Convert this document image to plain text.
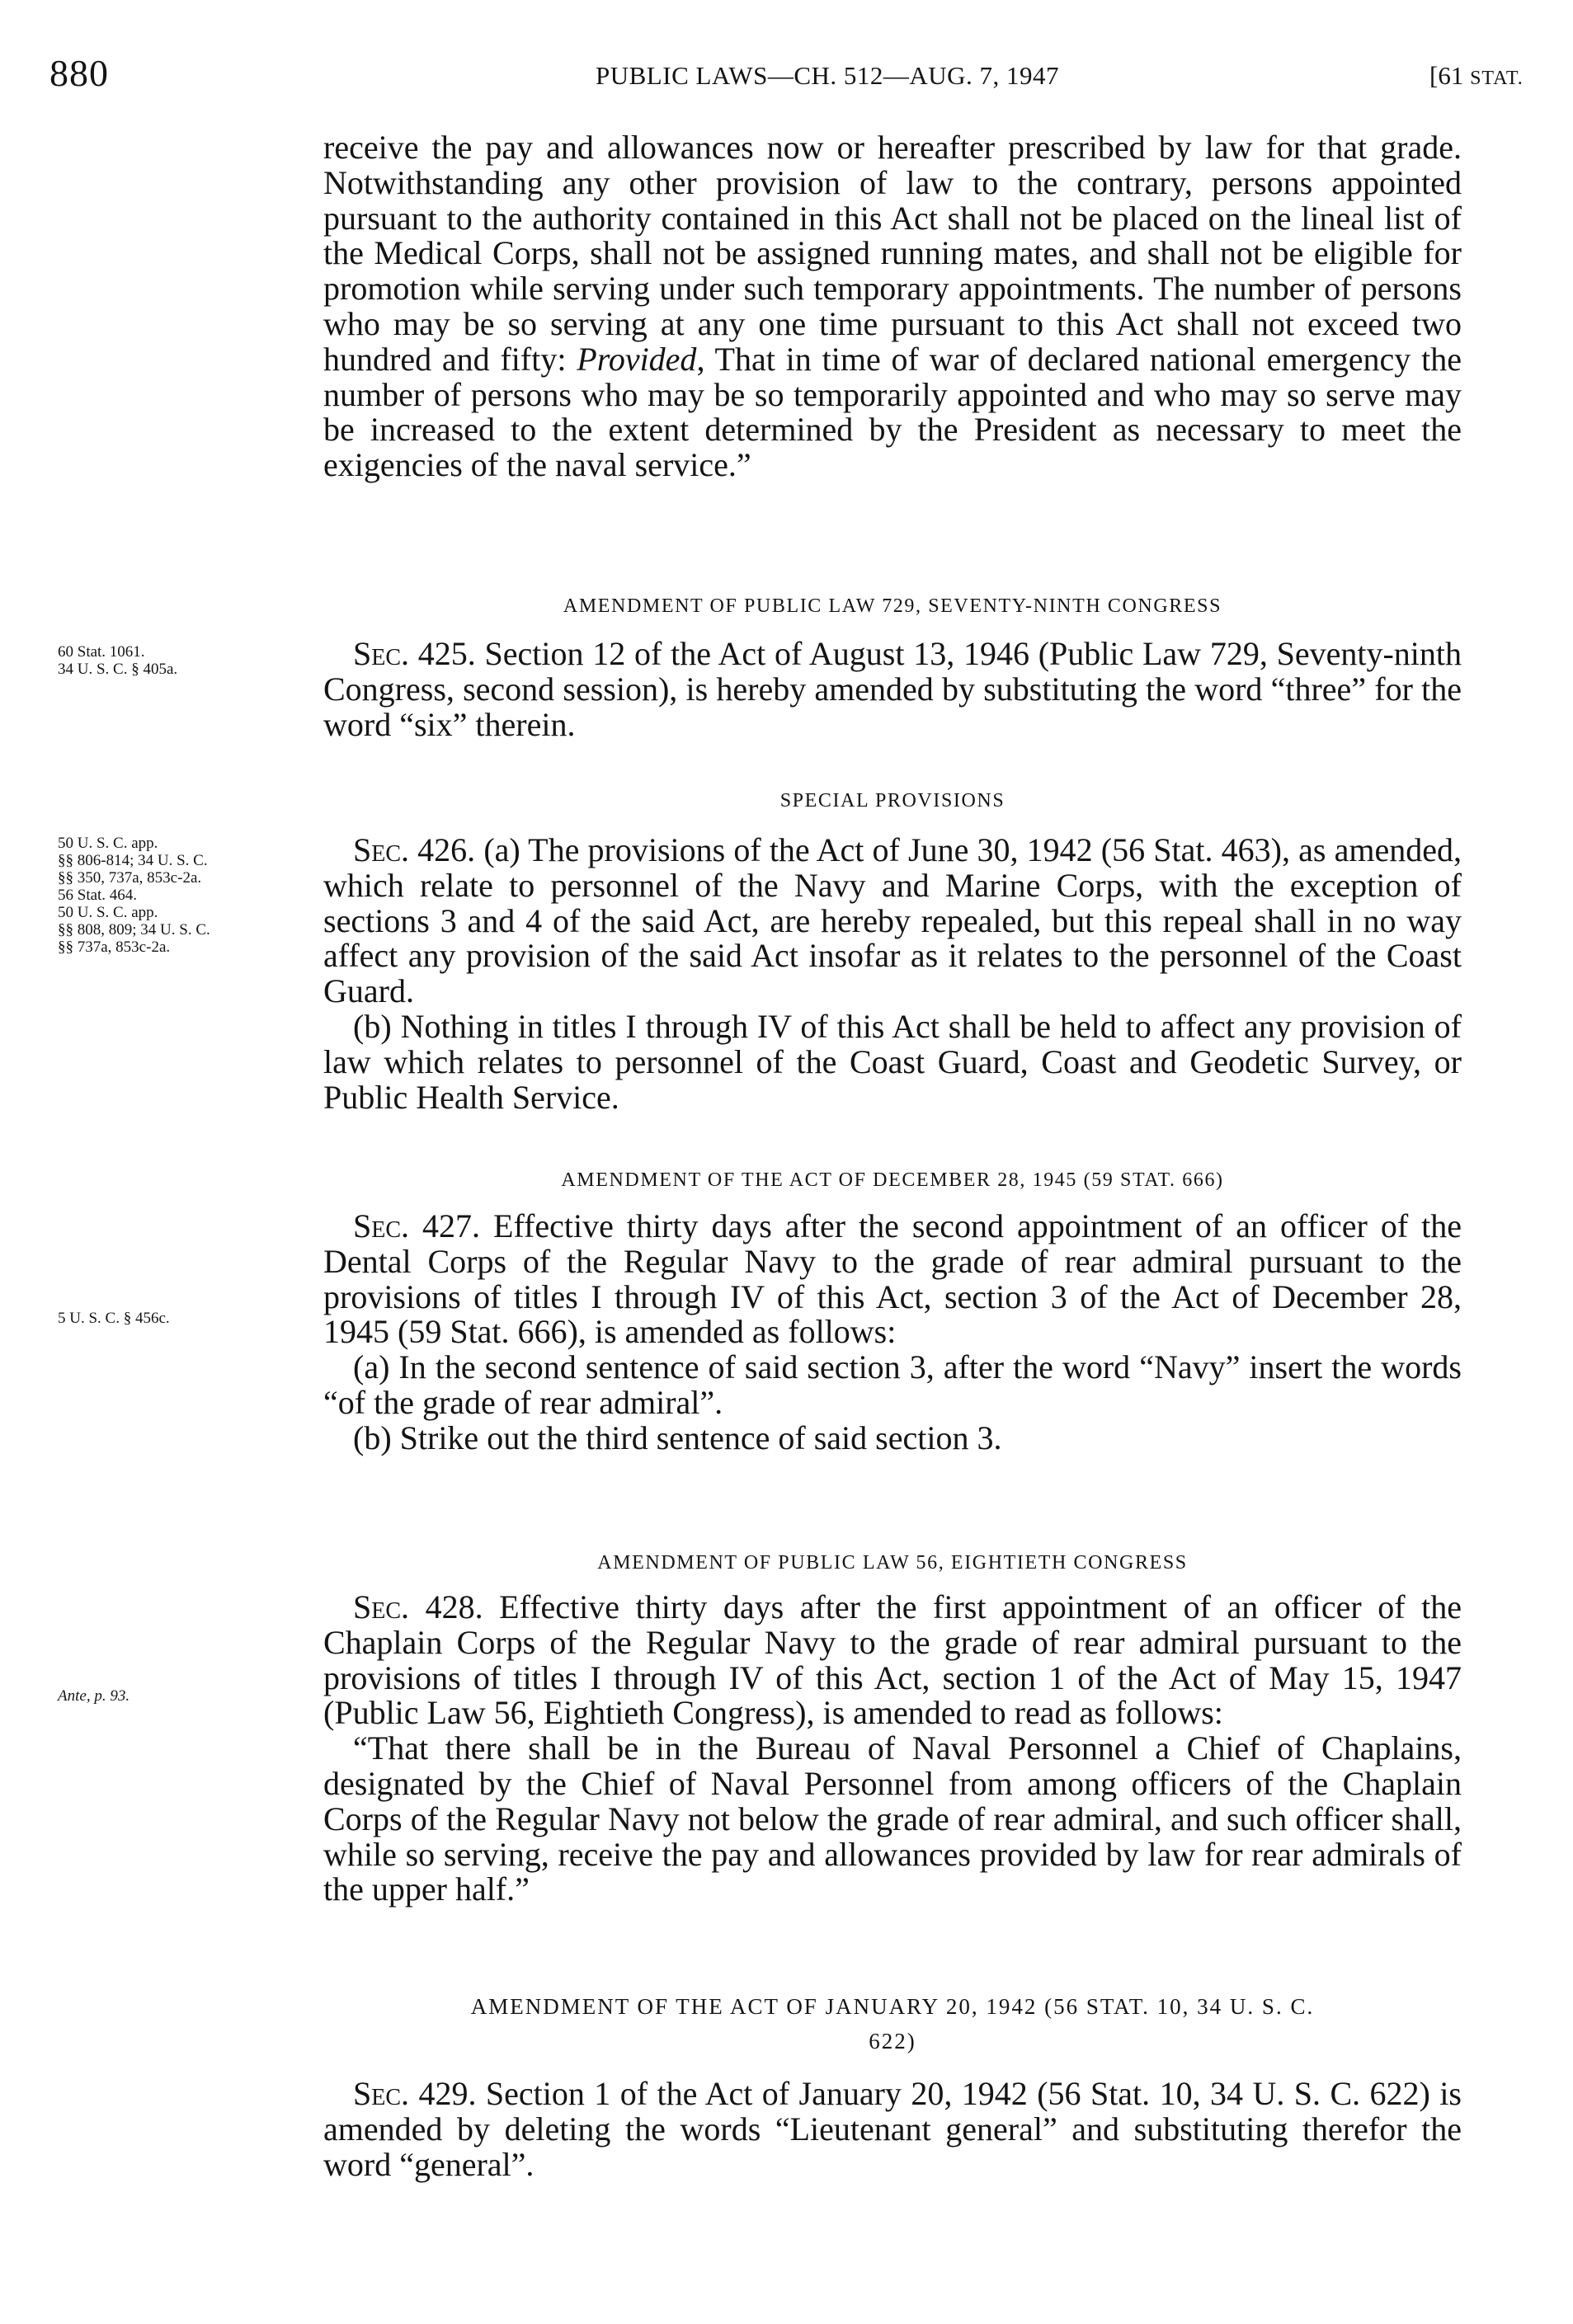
880	PUBLIC LAWS—CH. 512—AUG. 7, 1947	[61 STAT.

receive the pay and allowances now or hereafter prescribed by law for that grade. Notwithstanding any other provision of law to the contrary, persons appointed pursuant to the authority contained in this Act shall not be placed on the lineal list of the Medical Corps, shall not be assigned running mates, and shall not be eligible for promotion while serving under such temporary appointments. The number of persons who may be so serving at any one time pursuant to this Act shall not exceed two hundred and fifty: Provided, That in time of war of declared national emergency the number of persons who may be so temporarily appointed and who may so serve may be increased to the extent determined by the President as necessary to meet the exigencies of the naval service.”

AMENDMENT OF PUBLIC LAW 729, SEVENTY-NINTH CONGRESS
60 Stat. 1061.
34 U. S. C. § 405a.	Sec. 425. Section 12 of the Act of August 13, 1946 (Public Law 729, Seventy-ninth Congress, second session), is hereby amended by substituting the word “three” for the word “six” therein.

SPECIAL PROVISIONS
50 U. S. C. app.
§§ 806-814; 34 U. S. C.
§§ 350, 737a, 853c-2a.
56 Stat. 464.
50 U. S. C. app.
§§ 808, 809; 34 U. S. C.
§§ 737a, 853c-2a.

Sec. 426. (a) The provisions of the Act of June 30, 1942 (56 Stat. 463), as amended, which relate to personnel of the Navy and Marine Corps, with the exception of sections 3 and 4 of the said Act, are hereby repealed, but this repeal shall in no way affect any provision of the said Act insofar as it relates to the personnel of the Coast Guard.

(b) Nothing in titles I through IV of this Act shall be held to affect any provision of law which relates to personnel of the Coast Guard, Coast and Geodetic Survey, or Public Health Service.

AMENDMENT OF THE ACT OF DECEMBER 28, 1945 (59 STAT. 666)
5 U. S. C. § 456c.

Sec. 427. Effective thirty days after the second appointment of an officer of the Dental Corps of the Regular Navy to the grade of rear admiral pursuant to the provisions of titles I through IV of this Act, section 3 of the Act of December 28, 1945 (59 Stat. 666), is amended as follows:

(a) In the second sentence of said section 3, after the word “Navy” insert the words “of the grade of rear admiral”.

(b) Strike out the third sentence of said section 3.

AMENDMENT OF PUBLIC LAW 56, EIGHTIETH CONGRESS
Ante, p. 93.

Sec. 428. Effective thirty days after the first appointment of an officer of the Chaplain Corps of the Regular Navy to the grade of rear admiral pursuant to the provisions of titles I through IV of this Act, section 1 of the Act of May 15, 1947 (Public Law 56, Eightieth Congress), is amended to read as follows:

“That there shall be in the Bureau of Naval Personnel a Chief of Chaplains, designated by the Chief of Naval Personnel from among officers of the Chaplain Corps of the Regular Navy not below the grade of rear admiral, and such officer shall, while so serving, receive the pay and allowances provided by law for rear admirals of the upper half.”

AMENDMENT OF THE ACT OF JANUARY 20, 1942 (56 STAT. 10, 34 U. S. C.
622)

Sec. 429. Section 1 of the Act of January 20, 1942 (56 Stat. 10, 34 U. S. C. 622) is amended by deleting the words “Lieutenant general” and substituting therefor the word “general”.
